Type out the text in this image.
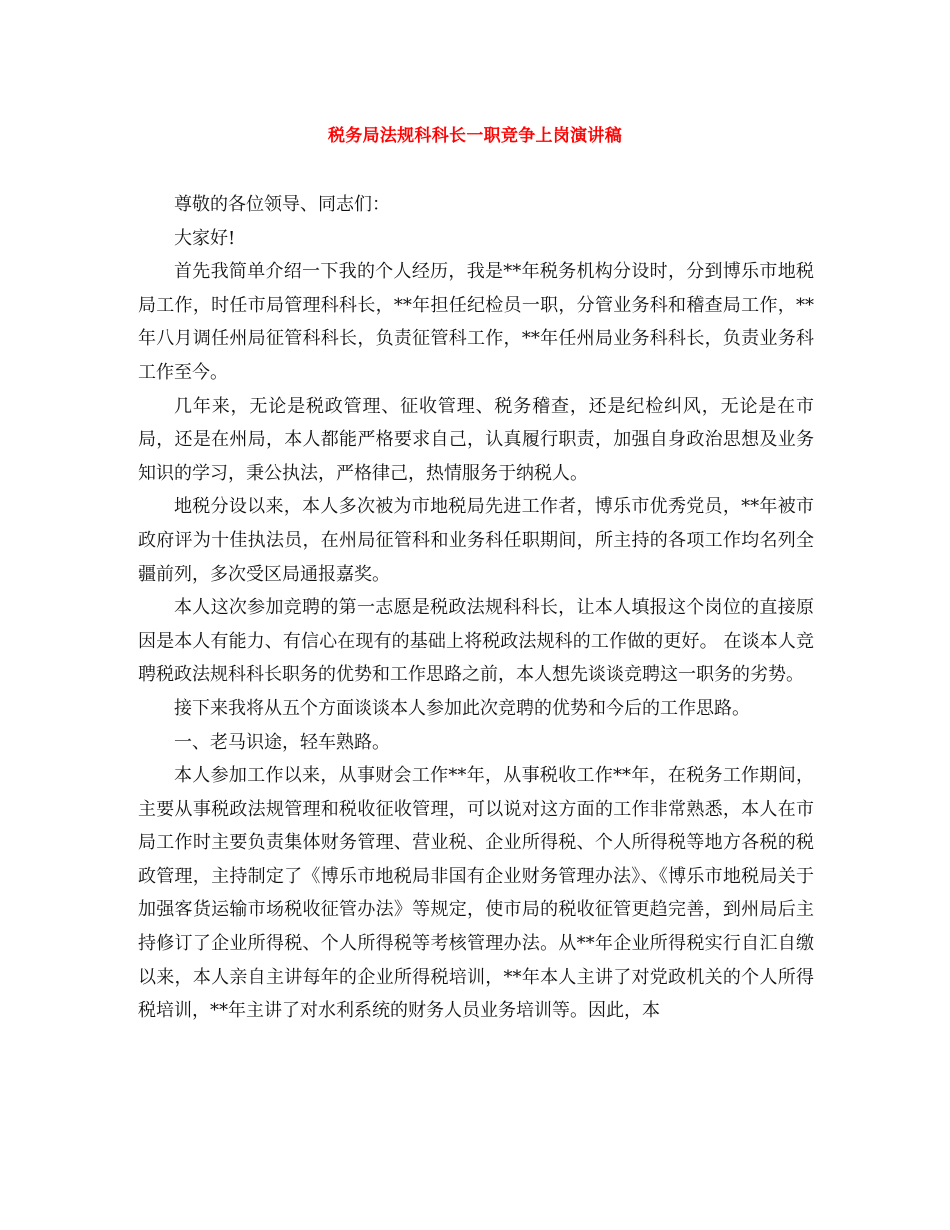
税务局法规科科长一职竞争上岗演讲稿

尊敬的各位领导、同志们：

大家好!

首先我简单介绍一下我的个人经历，我是**年税务机构分设时，分到博乐市地税局工作，时任市局管理科科长，**年担任纪检员一职，分管业务科和稽查局工作，**年八月调任州局征管科科长，负责征管科工作，**年任州局业务科科长，负责业务科工作至今。

几年来，无论是税政管理、征收管理、税务稽查，还是纪检纠风，无论是在市局，还是在州局，本人都能严格要求自己，认真履行职责，加强自身政治思想及业务知识的学习，秉公执法，严格律己，热情服务于纳税人。

地税分设以来，本人多次被为市地税局先进工作者，博乐市优秀党员，**年被市政府评为十佳执法员，在州局征管科和业务科任职期间，所主持的各项工作均名列全疆前列，多次受区局通报嘉奖。

本人这次参加竞聘的第一志愿是税政法规科科长，让本人填报这个岗位的直接原因是本人有能力、有信心在现有的基础上将税政法规科的工作做的更好。 在谈本人竞聘税政法规科科长职务的优势和工作思路之前，本人想先谈谈竞聘这一职务的劣势。

接下来我将从五个方面谈谈本人参加此次竞聘的优势和今后的工作思路。

一、老马识途，轻车熟路。

本人参加工作以来，从事财会工作**年，从事税收工作**年，在税务工作期间，主要从事税政法规管理和税收征收管理，可以说对这方面的工作非常熟悉，本人在市局工作时主要负责集体财务管理、营业税、企业所得税、个人所得税等地方各税的税政管理，主持制定了《博乐市地税局非国有企业财务管理办法》、《博乐市地税局关于加强客货运输市场税收征管办法》等规定，使市局的税收征管更趋完善，到州局后主持修订了企业所得税、个人所得税等考核管理办法。从**年企业所得税实行自汇自缴以来，本人亲自主讲每年的企业所得税培训，**年本人主讲了对党政机关的个人所得税培训，**年主讲了对水利系统的财务人员业务培训等。因此，本
